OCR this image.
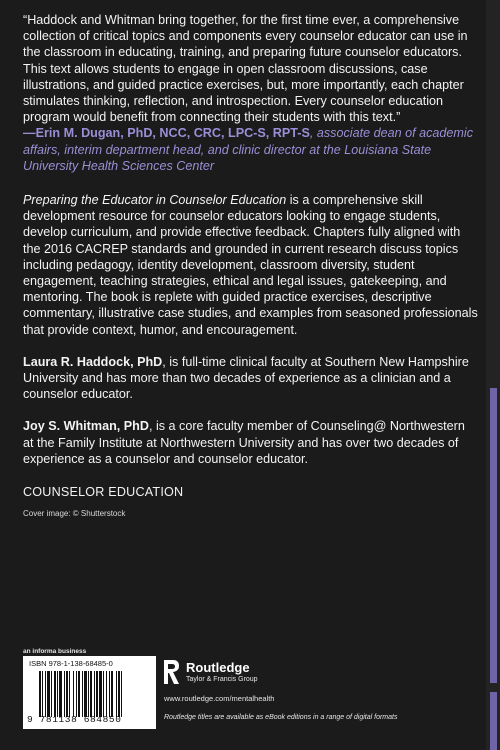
“Haddock and Whitman bring together, for the first time ever, a comprehensive collection of critical topics and components every counselor educator can use in the classroom in educating, training, and preparing future counselor educators. This text allows students to engage in open classroom discussions, case illustrations, and guided practice exercises, but, more importantly, each chapter stimulates thinking, reflection, and introspection. Every counselor education program would benefit from connecting their students with this text.”

—Erin M. Dugan, PhD, NCC, CRC, LPC-S, RPT-S, associate dean of academic affairs, interim department head, and clinic director at the Louisiana State University Health Sciences Center

Preparing the Educator in Counselor Education is a comprehensive skill development resource for counselor educators looking to engage students, develop curriculum, and provide effective feedback. Chapters fully aligned with the 2016 CACREP standards and grounded in current research discuss topics including pedagogy, identity development, classroom diversity, student engagement, teaching strategies, ethical and legal issues, gatekeeping, and mentoring. The book is replete with guided practice exercises, descriptive commentary, illustrative case studies, and examples from seasoned professionals that provide context, humor, and encouragement.

Laura R. Haddock, PhD, is full-time clinical faculty at Southern New Hampshire University and has more than two decades of experience as a clinician and a counselor educator.

Joy S. Whitman, PhD, is a core faculty member of Counseling@ Northwestern at the Family Institute at Northwestern University and has over two decades of experience as a counselor and counselor educator.

COUNSELOR EDUCATION

Cover image: © Shutterstock

an informa business
ISBN 978-1-138-68485-0
9 781138 684850
Routledge
Taylor & Francis Group
www.routledge.com/mentalhealth
Routledge titles are available as eBook editions in a range of digital formats
